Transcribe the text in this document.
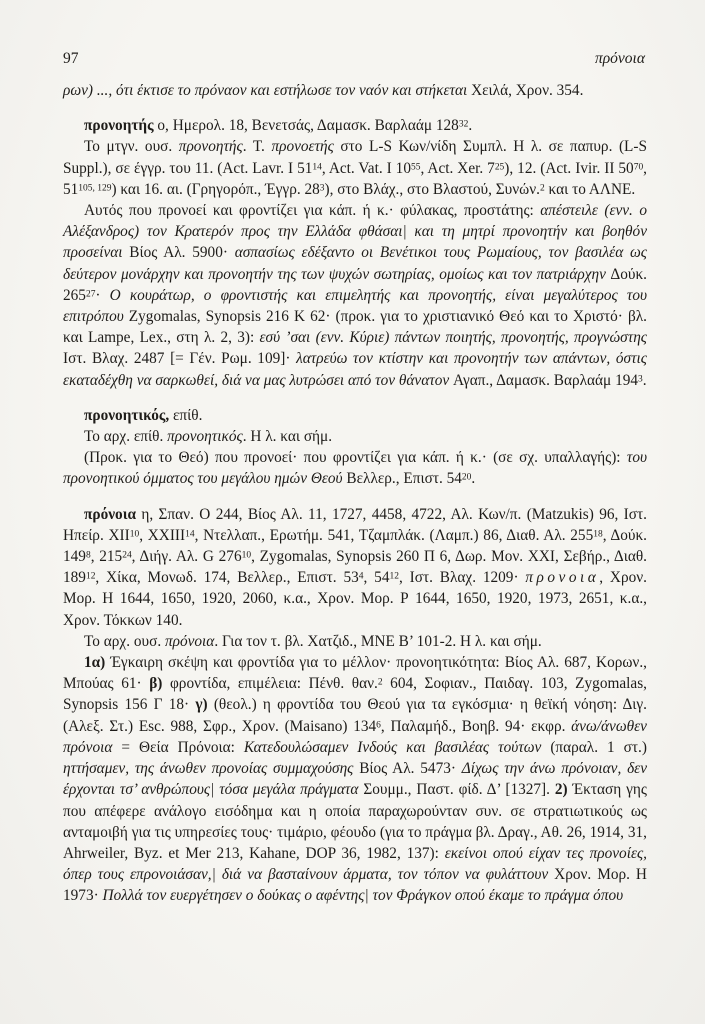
97	πρόνοια

ρων) ..., ότι έκτισε το πρόναον και εστήλωσε τον ναόν και στήκεται Χειλά, Χρον. 354.

προνοητής ο, Ημερολ. 18, Βενετσάς, Δαμασκ. Βαρλαάμ $128^{32}$.

Το μτγν. ουσ. προνοητής. Τ. προνοετής στο L-S Κων/νίδη Συμπλ. Η λ. σε παπυρ. (L-S Suppl.), σε έγγρ. του 11. (Act. Lavr. I $51^{14}$, Act. Vat. I $10^{55}$, Act. Xer. $7^{25}$), 12. (Act. Ivir. II $50^{70}$, 51$^{105, 129}$) και 16. αι. (Γρηγορόπ., Έγγρ. $28^3$), στο Βλάχ., στο Βλαστού, Συνών.$^2$ και το ΑΛΝΕ.

Αυτός που προνοεί και φροντίζει για κάπ. ή κ.· φύλακας, προστάτης: απέστειλε (ενν. ο Αλέξανδρος) τον Κρατερόν προς την Ελλάδα φθάσαι| και τη μητρί προνοητήν και βοηθόν προσείναι Βίος Αλ. 5900· ασπασίως εδέξαντο οι Βενέτικοι τους Ρωμαίους, τον βασιλέα ως δεύτερον μονάρχην και προνοητήν της των ψυχών σωτηρίας, ομοίως και τον πατριάρχην Δούκ. $265^{27}\cdot O$ κουράτωρ, ο φροντιστής και επιμελητής και προνοητής, είναι μεγαλύτερος του επιτρόπου Zygomalas, Synopsis 216 K 62· (προκ. για το χριστιανικό Θεό και το Χριστό· βλ. και Lampe, Lex., στη λ. 2, 3): εσύ ’σαι (ενν. Κύριε) πάντων ποιητής, προνοητής, προγνώστης Ιστ. Βλαχ. 2487 [= Γέν. Ρωμ. 109]· λατρεύω τον κτίστην και προνοητήν των απάντων, όστις εκαταδέχθη να σαρκωθεί, διά να μας λυτρώσει από τον θάνατον Αγαπ., Δαμασκ. Βαρλαάμ $194^3$.

προνοητικός, επίθ.

Το αρχ. επίθ. προνοητικός. Η λ. και σήμ.

(Προκ. για το Θεό) που προνοεί· που φροντίζει για κάπ. ή κ.· (σε σχ. υπαλλαγής): του προνοητικού όμματος του μεγάλου ημών Θεού Βελλερ., Επιστ. $54^{20}$.

πρόνοια η, Σπαν. Ο 244, Βίος Αλ. 11, 1727, 4458, 4722, Αλ. Κων/π. (Matzukis) 96, Ιστ. Ηπείρ. XII$^{10}$, XXIII$^{14}$, Ντελλαπ., Ερωτήμ. 541, Τζαμπλάκ. (Λαμπ.) 86, Διαθ. Αλ. $255^{18}$, Δούκ. $149^8$, $215^{24}$, Διήγ. Αλ. G $276^{10}$, Zygomalas, Synopsis 260 Π 6, Δωρ. Μον. XXI, Σεβήρ., Διαθ. $189^{12}$, Χίκα, Μονωδ. 174, Βελλερ., Επιστ. $53^4$, $54^{12}$, Ιστ. Βλαχ. 1209· προνοια, Χρον. Μορ. Η 1644, 1650, 1920, 2060, κ.α., Χρον. Μορ. Ρ 1644, 1650, 1920, 1973, 2651, κ.α., Χρον. Τόκκων 140.

Το αρχ. ουσ. πρόνοια. Για τον τ. βλ. Χατζιδ., ΜΝΕ Β’ 101-2. Η λ. και σήμ.

1α) Έγκαιρη σκέψη και φροντίδα για το μέλλον· προνοητικότητα: Βίος Αλ. 687, Κορων., Μπούας 61· β) φροντίδα, επιμέλεια: Πένθ. θαν.$^2$ 604, Σοφιαν., Παιδαγ. 103, Zygomalas, Synopsis 156 Γ 18· γ) (θεολ.) η φροντίδα του Θεού για τα εγκόσμια· η θεϊκή νόηση: Διγ. (Αλεξ. Στ.) Esc. 988, Σφρ., Χρον. (Maisano) $134^6$, Παλαμήδ., Βοηβ. 94· εκφρ. άνω/άνωθεν πρόνοια = Θεία Πρόνοια: Κατεδουλώσαμεν Ινδούς και βασιλέας τούτων (παραλ. 1 στ.) ηττήσαμεν, της άνωθεν προνοίας συμμαχούσης Βίος Αλ. 5473· Δίχως την άνω πρόνοιαν, δεν έρχονται τσ’ ανθρώπους| τόσα μεγάλα πράγματα Σουμμ., Παστ. φίδ. Δ’ [1327]. 2) Έκταση γης που απέφερε ανάλογο εισόδημα και η οποία παραχωρούνταν συν. σε στρατιωτικούς ως ανταμοιβή για τις υπηρεσίες τους· τιμάριο, φέουδο (για το πράγμα βλ. Δραγ., Αθ. 26, 1914, 31, Ahrweiler, Byz. et Mer 213, Kahane, DOP 36, 1982, 137): εκείνοι οπού είχαν τες προνοίες, όπερ τους επρονοιάσαν,| διά να βασταίνουν άρματα, τον τόπον να φυλάττουν Χρον. Μορ. Η 1973· Πολλά τον ευεργέτησεν ο δούκας ο αφέντης| τον Φράγκον οπού έκαμε το πράγμα όπου
